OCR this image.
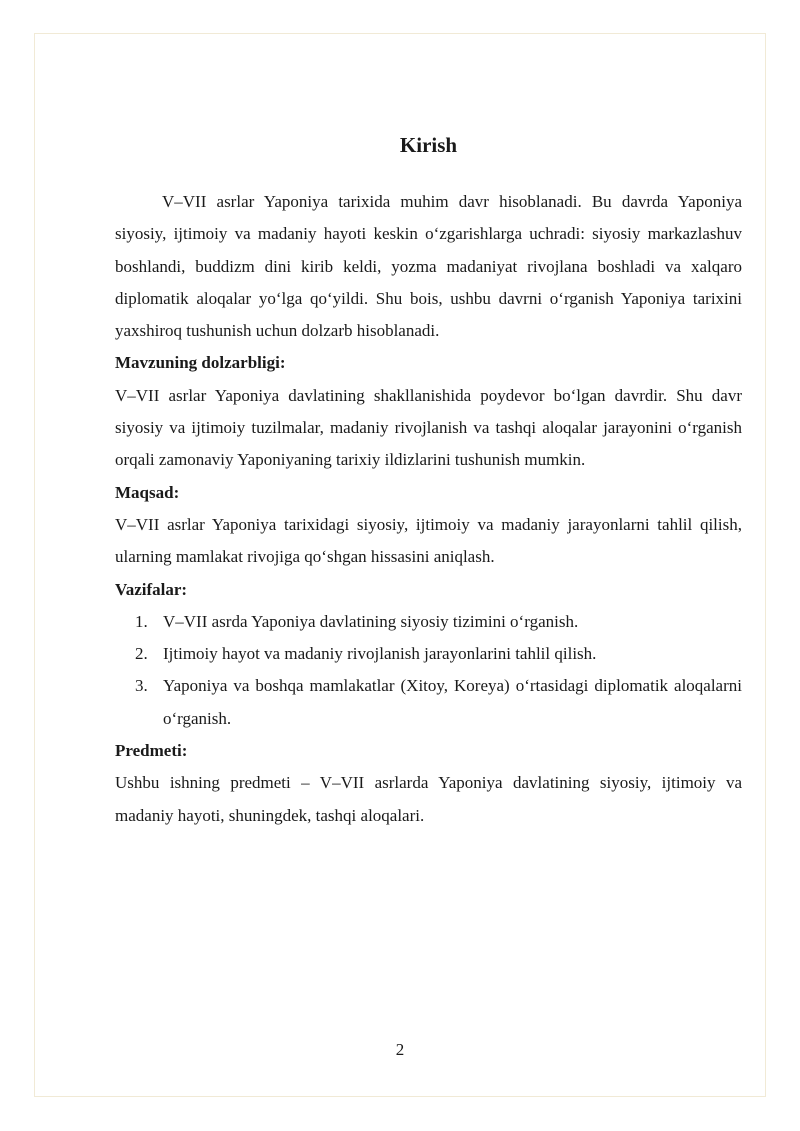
Kirish

V–VII asrlar Yaponiya tarixida muhim davr hisoblanadi. Bu davrda Yaponiya siyosiy, ijtimoiy va madaniy hayoti keskin o‘zgarishlarga uchradi: siyosiy markazlashuv boshlandi, buddizm dini kirib keldi, yozma madaniyat rivojlana boshladi va xalqaro diplomatik aloqalar yo‘lga qo‘yildi. Shu bois, ushbu davrni o‘rganish Yaponiya tarixini yaxshiroq tushunish uchun dolzarb hisoblanadi.

Mavzuning dolzarbligi:

V–VII asrlar Yaponiya davlatining shakllanishida poydevor bo‘lgan davrdir. Shu davr siyosiy va ijtimoiy tuzilmalar, madaniy rivojlanish va tashqi aloqalar jarayonini o‘rganish orqali zamonaviy Yaponiyaning tarixiy ildizlarini tushunish mumkin.

Maqsad:

V–VII asrlar Yaponiya tarixidagi siyosiy, ijtimoiy va madaniy jarayonlarni tahlil qilish, ularning mamlakat rivojiga qo‘shgan hissasini aniqlash.

Vazifalar:

1. V–VII asrda Yaponiya davlatining siyosiy tizimini o‘rganish.
2. Ijtimoiy hayot va madaniy rivojlanish jarayonlarini tahlil qilish.
3. Yaponiya va boshqa mamlakatlar (Xitoy, Koreya) o‘rtasidagi diplomatik aloqalarni o‘rganish.

Predmeti:

Ushbu ishning predmeti – V–VII asrlarda Yaponiya davlatining siyosiy, ijtimoiy va madaniy hayoti, shuningdek, tashqi aloqalari.

2
